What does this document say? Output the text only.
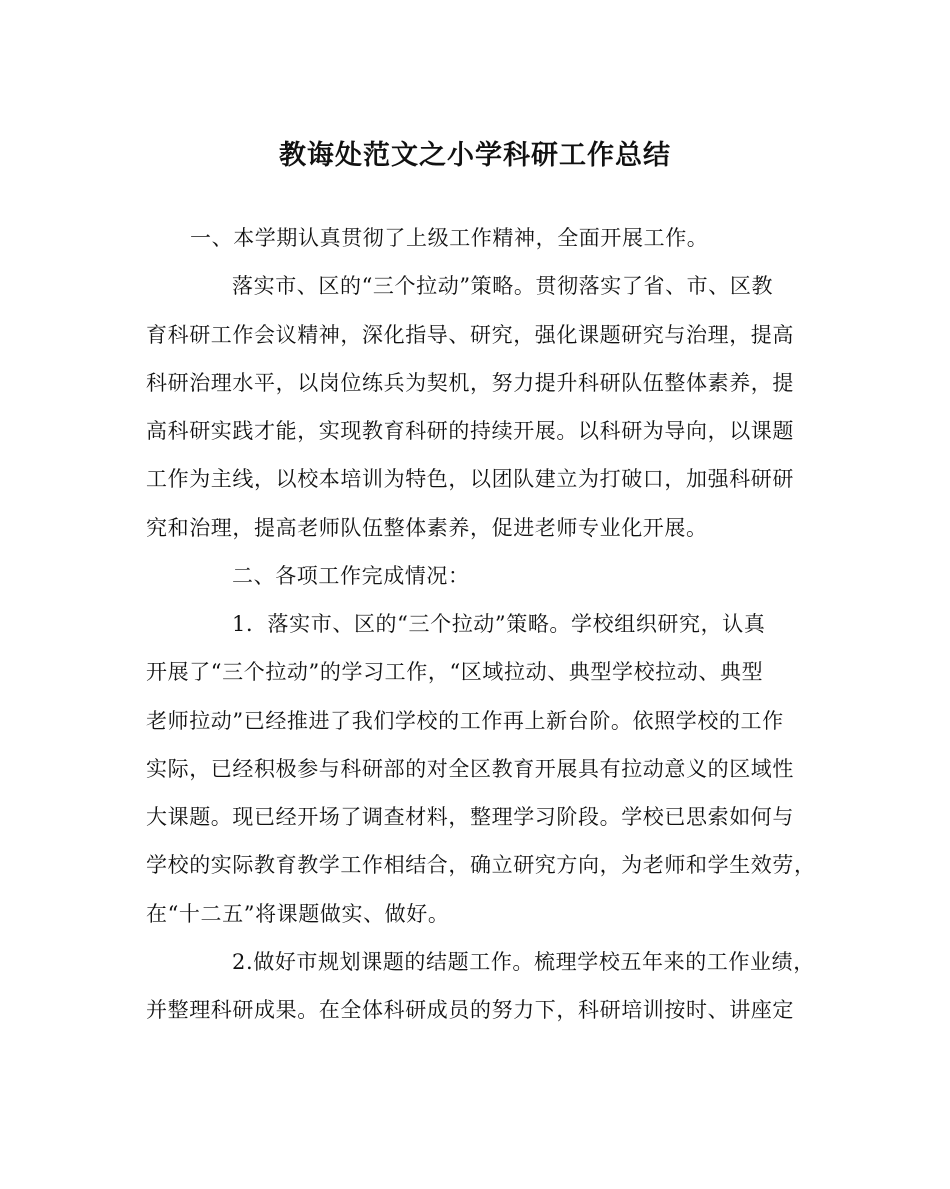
教诲处范文之小学科研工作总结
一、本学期认真贯彻了上级工作精神，全面开展工作。
落实市、区的“三个拉动”策略。贯彻落实了省、市、区教
育科研工作会议精神，深化指导、研究，强化课题研究与治理，提高
科研治理水平，以岗位练兵为契机，努力提升科研队伍整体素养，提
高科研实践才能，实现教育科研的持续开展。以科研为导向，以课题
工作为主线，以校本培训为特色，以团队建立为打破口，加强科研研
究和治理，提高老师队伍整体素养，促进老师专业化开展。
二、各项工作完成情况：
1．落实市、区的“三个拉动”策略。学校组织研究，认真
开展了“三个拉动”的学习工作，“区域拉动、典型学校拉动、典型
老师拉动”已经推进了我们学校的工作再上新台阶。依照学校的工作
实际，已经积极参与科研部的对全区教育开展具有拉动意义的区域性
大课题。现已经开场了调查材料，整理学习阶段。学校已思索如何与
学校的实际教育教学工作相结合，确立研究方向，为老师和学生效劳，
在“十二五”将课题做实、做好。
2.做好市规划课题的结题工作。梳理学校五年来的工作业绩，
并整理科研成果。在全体科研成员的努力下，科研培训按时、讲座定
